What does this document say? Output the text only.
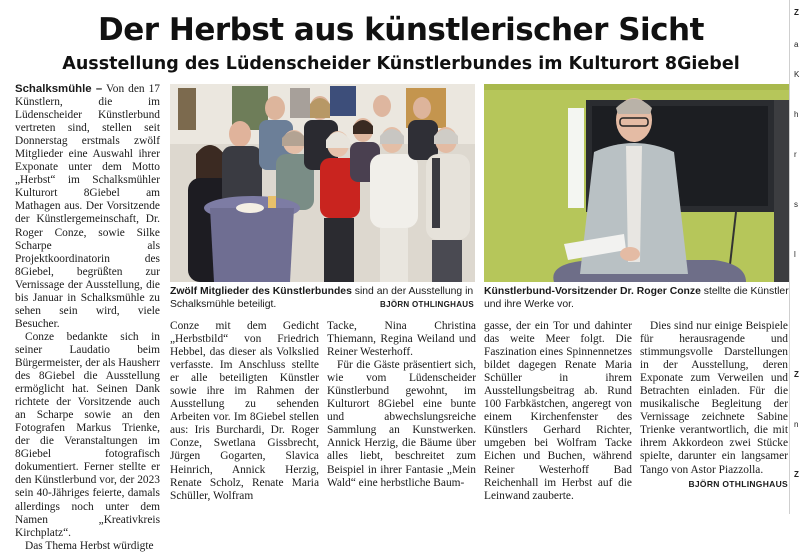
Der Herbst aus künstlerischer Sicht
Ausstellung des Lüdenscheider Künstlerbundes im Kulturort 8Giebel

Schalksmühle – Von den 17 Künstlern, die im Lüdenscheider Künstlerbund vertreten sind, stellen seit Donnerstag erstmals zwölf Mitglieder eine Auswahl ihrer Exponate unter dem Motto „Herbst“ im Schalksmühler Kulturort 8Giebel am Mathagen aus. Der Vorsitzende der Künstlergemeinschaft, Dr. Roger Conze, sowie Silke Scharpe als Projektkoordinatorin des 8Giebel, begrüßten zur Vernissage der Ausstellung, die bis Januar in Schalksmühle zu sehen sein wird, viele Besucher.

Conze bedankte sich in seiner Laudatio beim Bürgermeister, der als Hausherr des 8Giebel die Ausstellung ermöglicht hat. Seinen Dank richtete der Vorsitzende auch an Scharpe sowie an den Fotografen Markus Trienke, der die Veranstaltungen im 8Giebel fotografisch dokumentiert. Ferner stellte er den Künstlerbund vor, der 2023 sein 40-Jähriges feierte, damals allerdings noch unter dem Namen „Kreativkreis Kirchplatz“.

Das Thema Herbst würdigte

Zwölf Mitglieder des Künstlerbundes sind an der Ausstellung in Schalksmühle beteiligt.	BJÖRN OTHLINGHAUS
Künstlerbund-Vorsitzender Dr. Roger Conze stellte die Künstler und ihre Werke vor.

Conze mit dem Gedicht „Herbstbild“ von Friedrich Hebbel, das dieser als Volkslied verfasste. Im Anschluss stellte er alle beteiligten Künstler sowie ihre im Rahmen der Ausstellung zu sehenden Arbeiten vor. Im 8Giebel stellen aus: Iris Burchardi, Dr. Roger Conze, Swetlana Gissbrecht, Jürgen Gogarten, Slavica Heinrich, Annick Herzig, Renate Scholz, Renate Maria Schüller, Wolfram

Tacke, Nina Christina Thiemann, Regina Weiland und Reiner Westerhoff.

Für die Gäste präsentiert sich, wie vom Lüdenscheider Künstlerbund gewohnt, im Kulturort 8Giebel eine bunte und abwechslungsreiche Sammlung an Kunstwerken. Annick Herzig, die Bäume über alles liebt, beschreitet zum Beispiel in ihrer Fantasie „Mein Wald“ eine herbstliche Baum-

gasse, der ein Tor und dahinter das weite Meer folgt. Die Faszination eines Spinnennetzes bildet dagegen Renate Maria Schüller in ihrem Ausstellungsbeitrag ab. Rund 100 Farbkästchen, angeregt von einem Kirchenfenster des Künstlers Gerhard Richter, umgeben bei Wolfram Tacke Eichen und Buchen, während Reiner Westerhoff Bad Reichenhall im Herbst auf die Leinwand zauberte.

Dies sind nur einige Beispiele für herausragende und stimmungsvolle Darstellungen in der Ausstellung, deren Exponate zum Verweilen und Betrachten einladen. Für die musikalische Begleitung der Vernissage zeichnete Sabine Trienke verantwortlich, die mit ihrem Akkordeon zwei Stücke spielte, darunter ein langsamer Tango von Astor Piazzolla.

BJÖRN OTHLINGHAUS

Z
a
K
h
r
s
l
Z
n
Z
